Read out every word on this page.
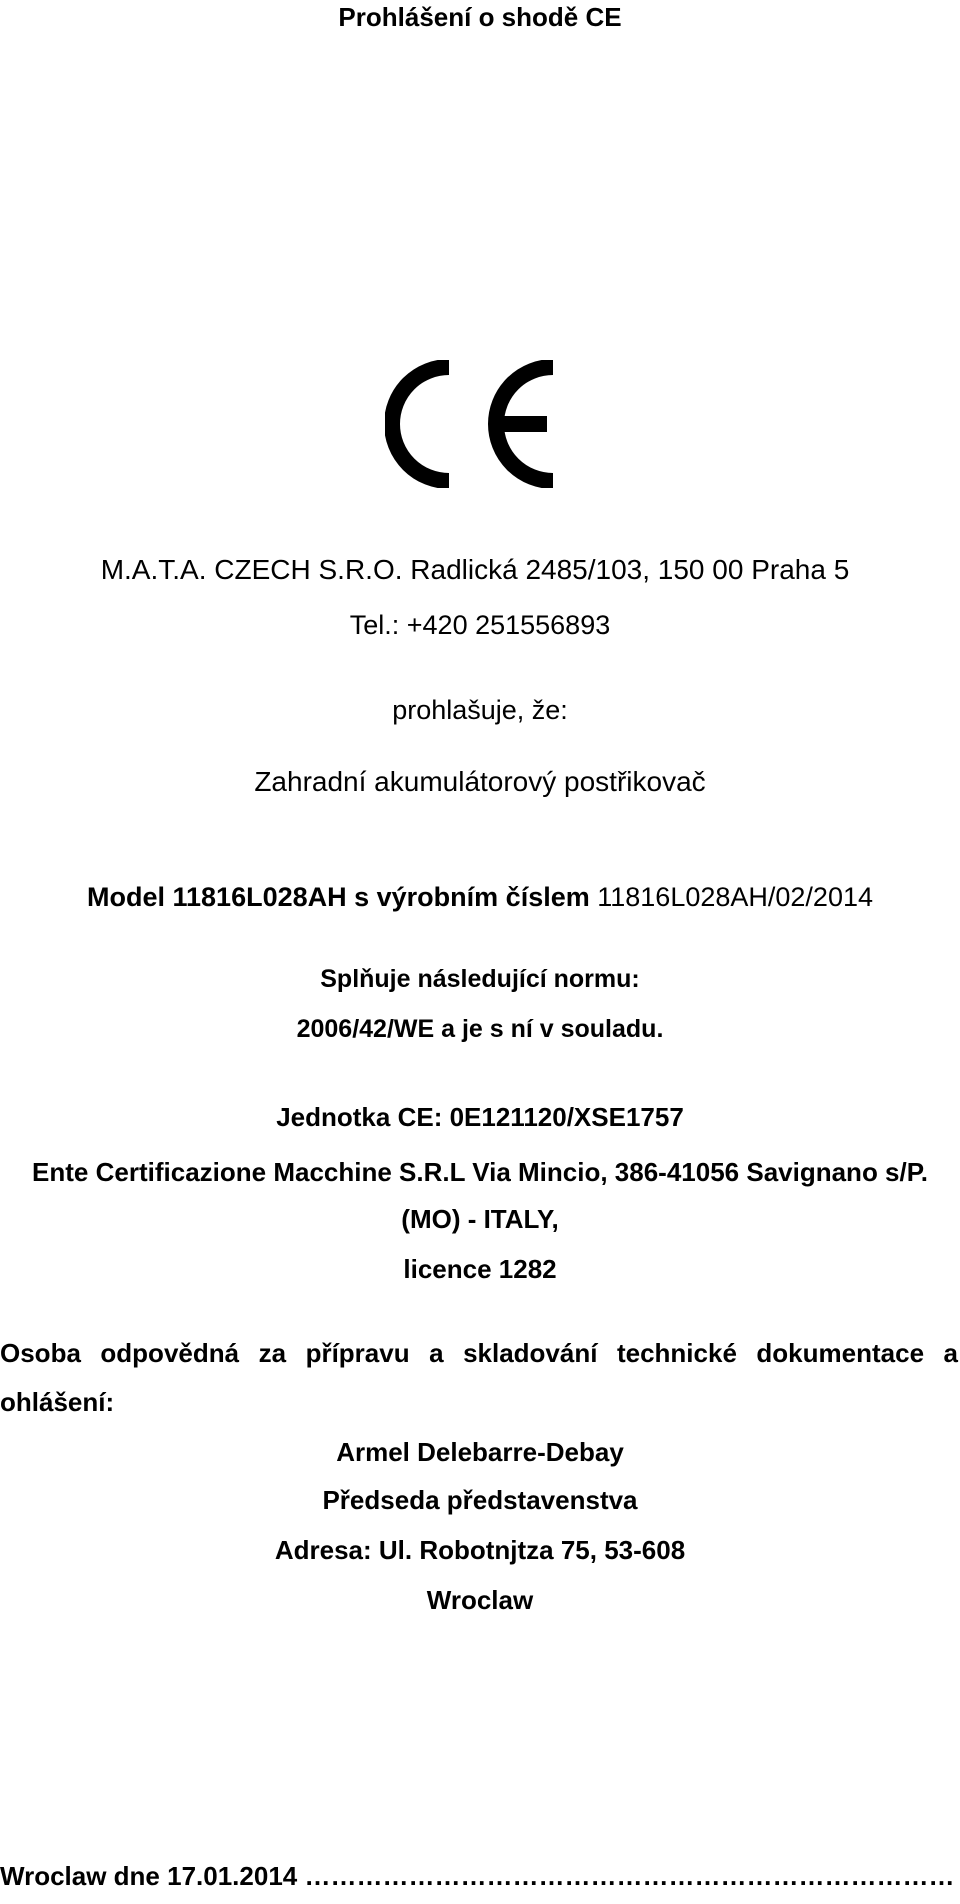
Prohlášení o shodě CE
M.A.T.A. CZECH S.R.O. Radlická 2485/103, 150 00 Praha 5
Tel.: +420 251556893
prohlašuje, že:
Zahradní akumulátorový postřikovač
Model 11816L028AH s výrobním číslem 11816L028AH/02/2014
Splňuje následující normu:
2006/42/WE a je s ní v souladu.
Jednotka CE: 0E121120/XSE1757
Ente Certificazione Macchine S.R.L Via Mincio, 386-41056 Savignano s/P.
(MO) - ITALY,
licence 1282
Osoba odpovědná za přípravu a skladování technické dokumentace a
ohlášení:
Armel Delebarre-Debay
Předseda představenstva
Adresa: Ul. Robotnjtza 75, 53-608
Wroclaw
Wroclaw dne 17.01.2014 …………………………………………………………………
